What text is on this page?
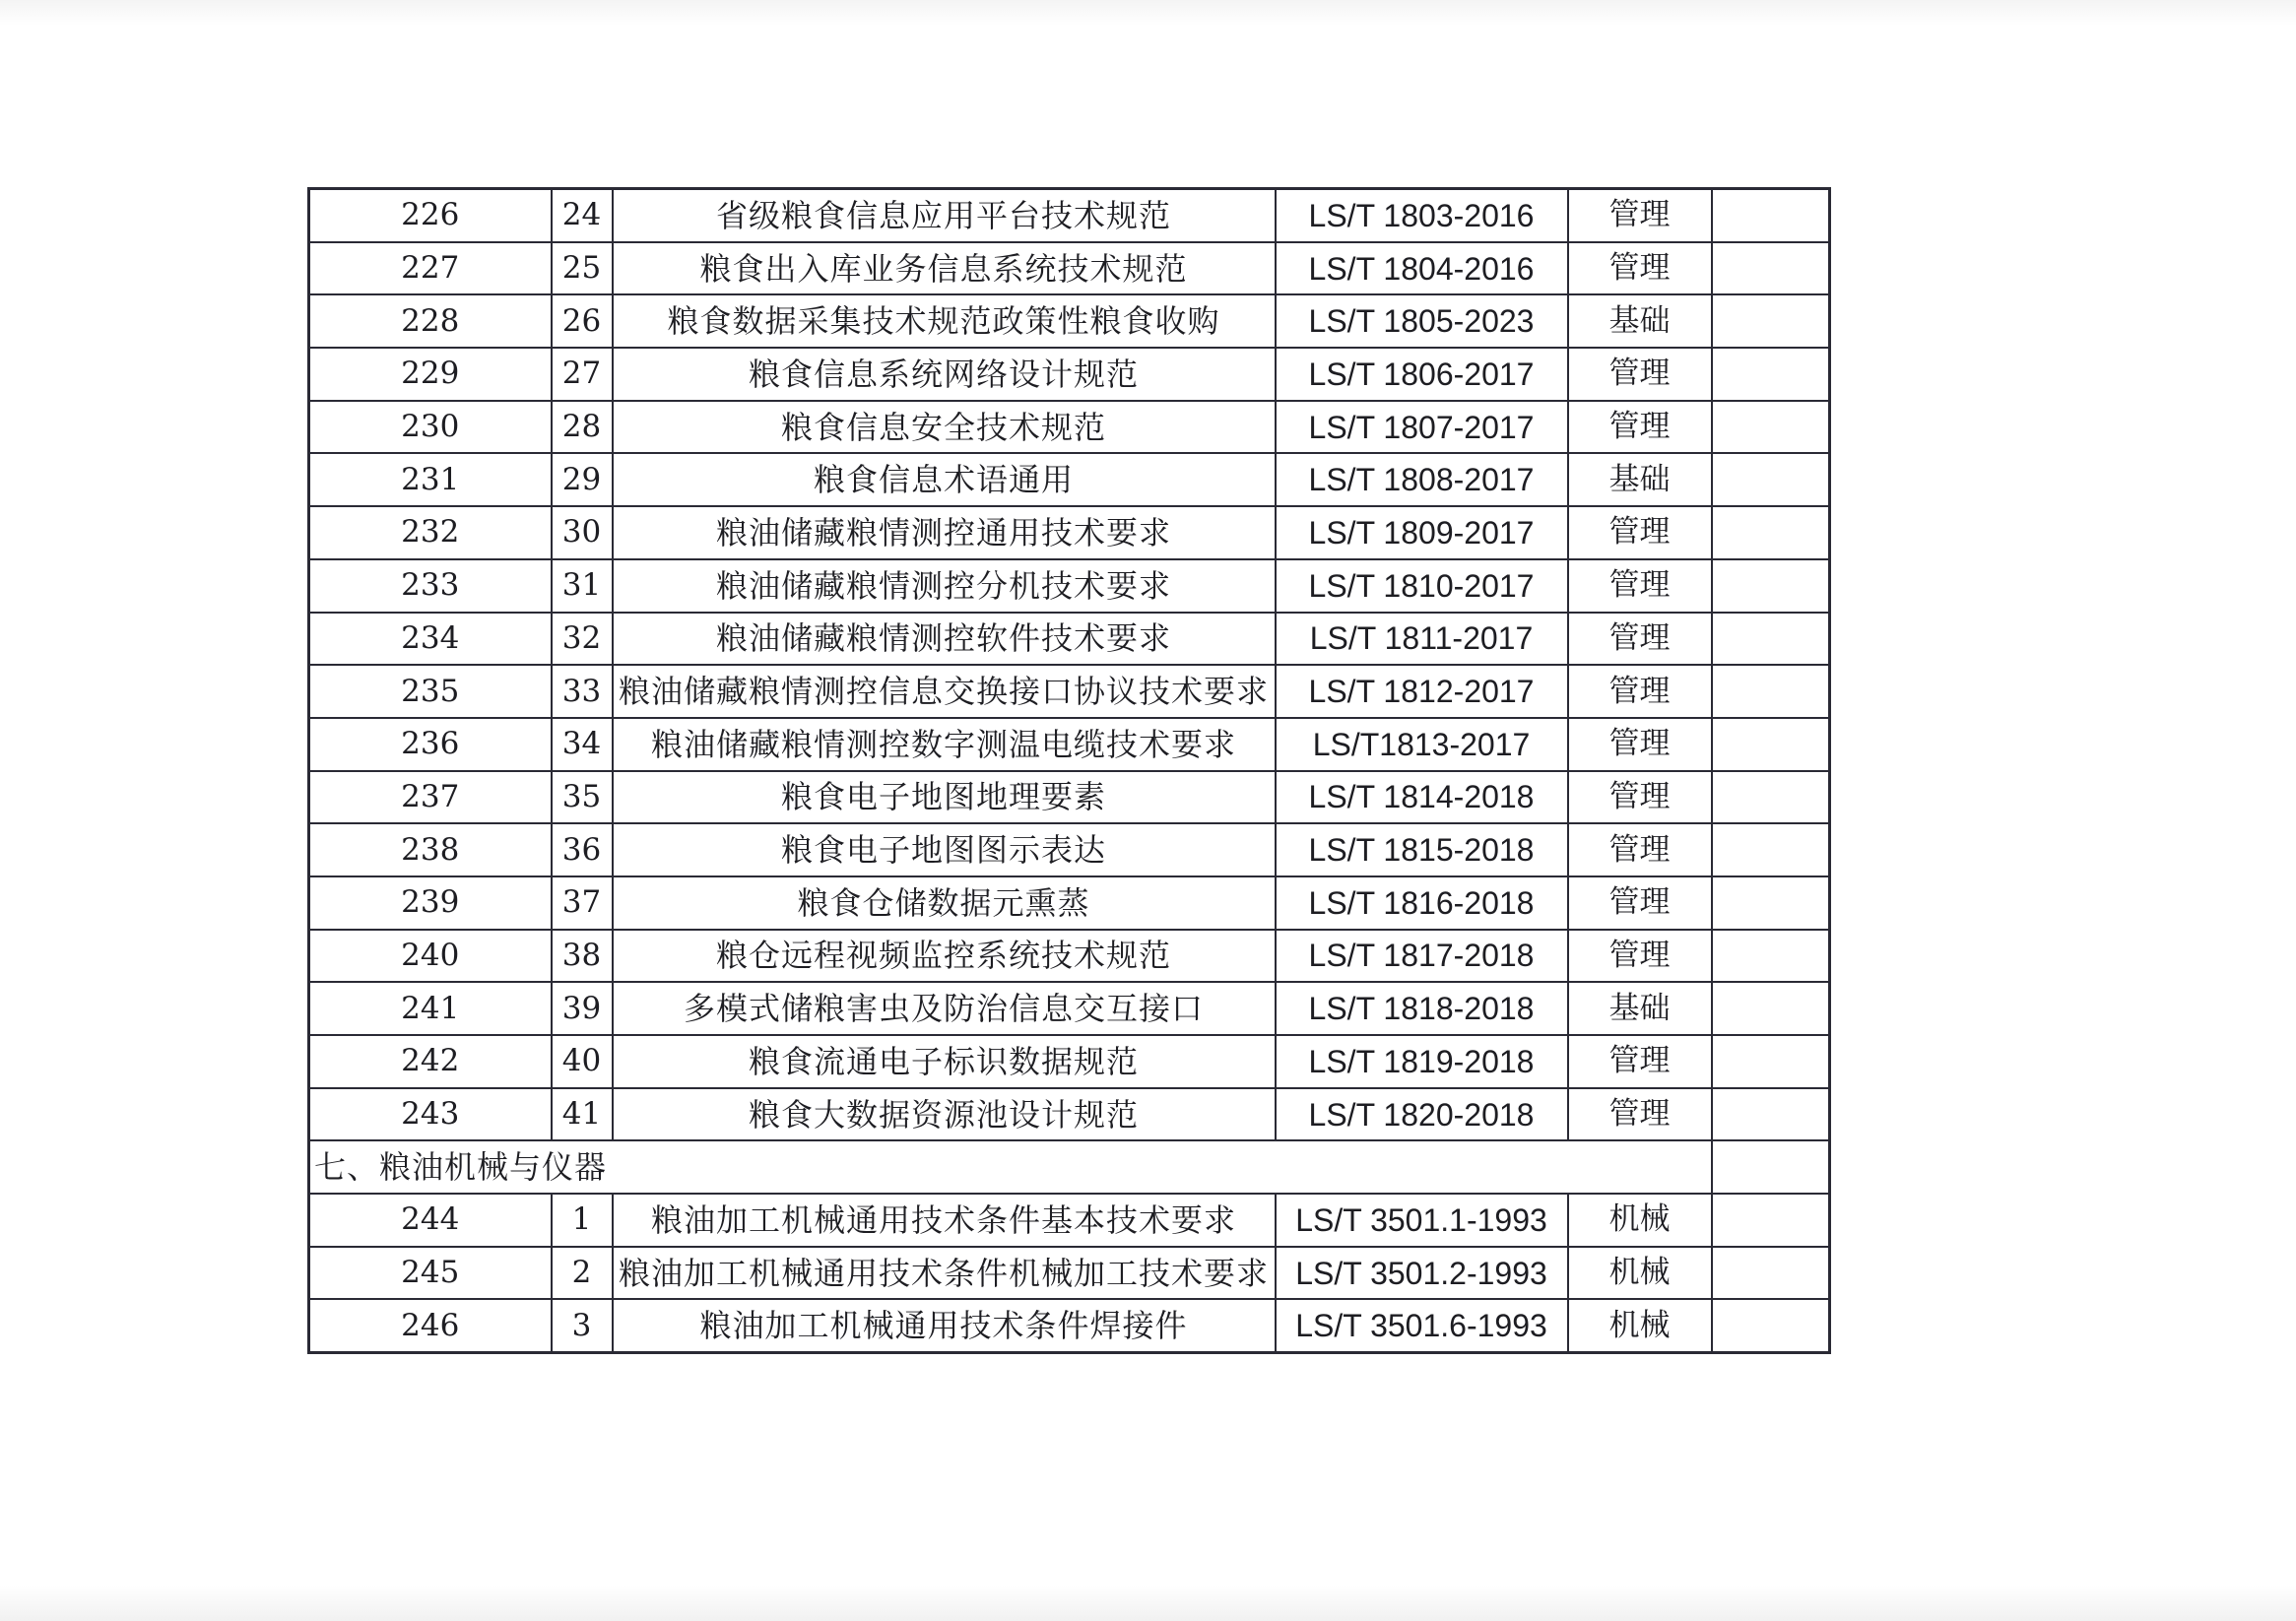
226	24	省级粮食信息应用平台技术规范	LS/T 1803-2016	管理	
227	25	粮食出入库业务信息系统技术规范	LS/T 1804-2016	管理	
228	26	粮食数据采集技术规范政策性粮食收购	LS/T 1805-2023	基础	
229	27	粮食信息系统网络设计规范	LS/T 1806-2017	管理	
230	28	粮食信息安全技术规范	LS/T 1807-2017	管理	
231	29	粮食信息术语通用	LS/T 1808-2017	基础	
232	30	粮油储藏粮情测控通用技术要求	LS/T 1809-2017	管理	
233	31	粮油储藏粮情测控分机技术要求	LS/T 1810-2017	管理	
234	32	粮油储藏粮情测控软件技术要求	LS/T 1811-2017	管理	
235	33	粮油储藏粮情测控信息交换接口协议技术要求	LS/T 1812-2017	管理	
236	34	粮油储藏粮情测控数字测温电缆技术要求	LS/T1813-2017	管理	
237	35	粮食电子地图地理要素	LS/T 1814-2018	管理	
238	36	粮食电子地图图示表达	LS/T 1815-2018	管理	
239	37	粮食仓储数据元熏蒸	LS/T 1816-2018	管理	
240	38	粮仓远程视频监控系统技术规范	LS/T 1817-2018	管理	
241	39	多模式储粮害虫及防治信息交互接口	LS/T 1818-2018	基础	
242	40	粮食流通电子标识数据规范	LS/T 1819-2018	管理	
243	41	粮食大数据资源池设计规范	LS/T 1820-2018	管理	
七、粮油机械与仪器					
244	1	粮油加工机械通用技术条件基本技术要求	LS/T 3501.1-1993	机械	
245	2	粮油加工机械通用技术条件机械加工技术要求	LS/T 3501.2-1993	机械	
246	3	粮油加工机械通用技术条件焊接件	LS/T 3501.6-1993	机械	
